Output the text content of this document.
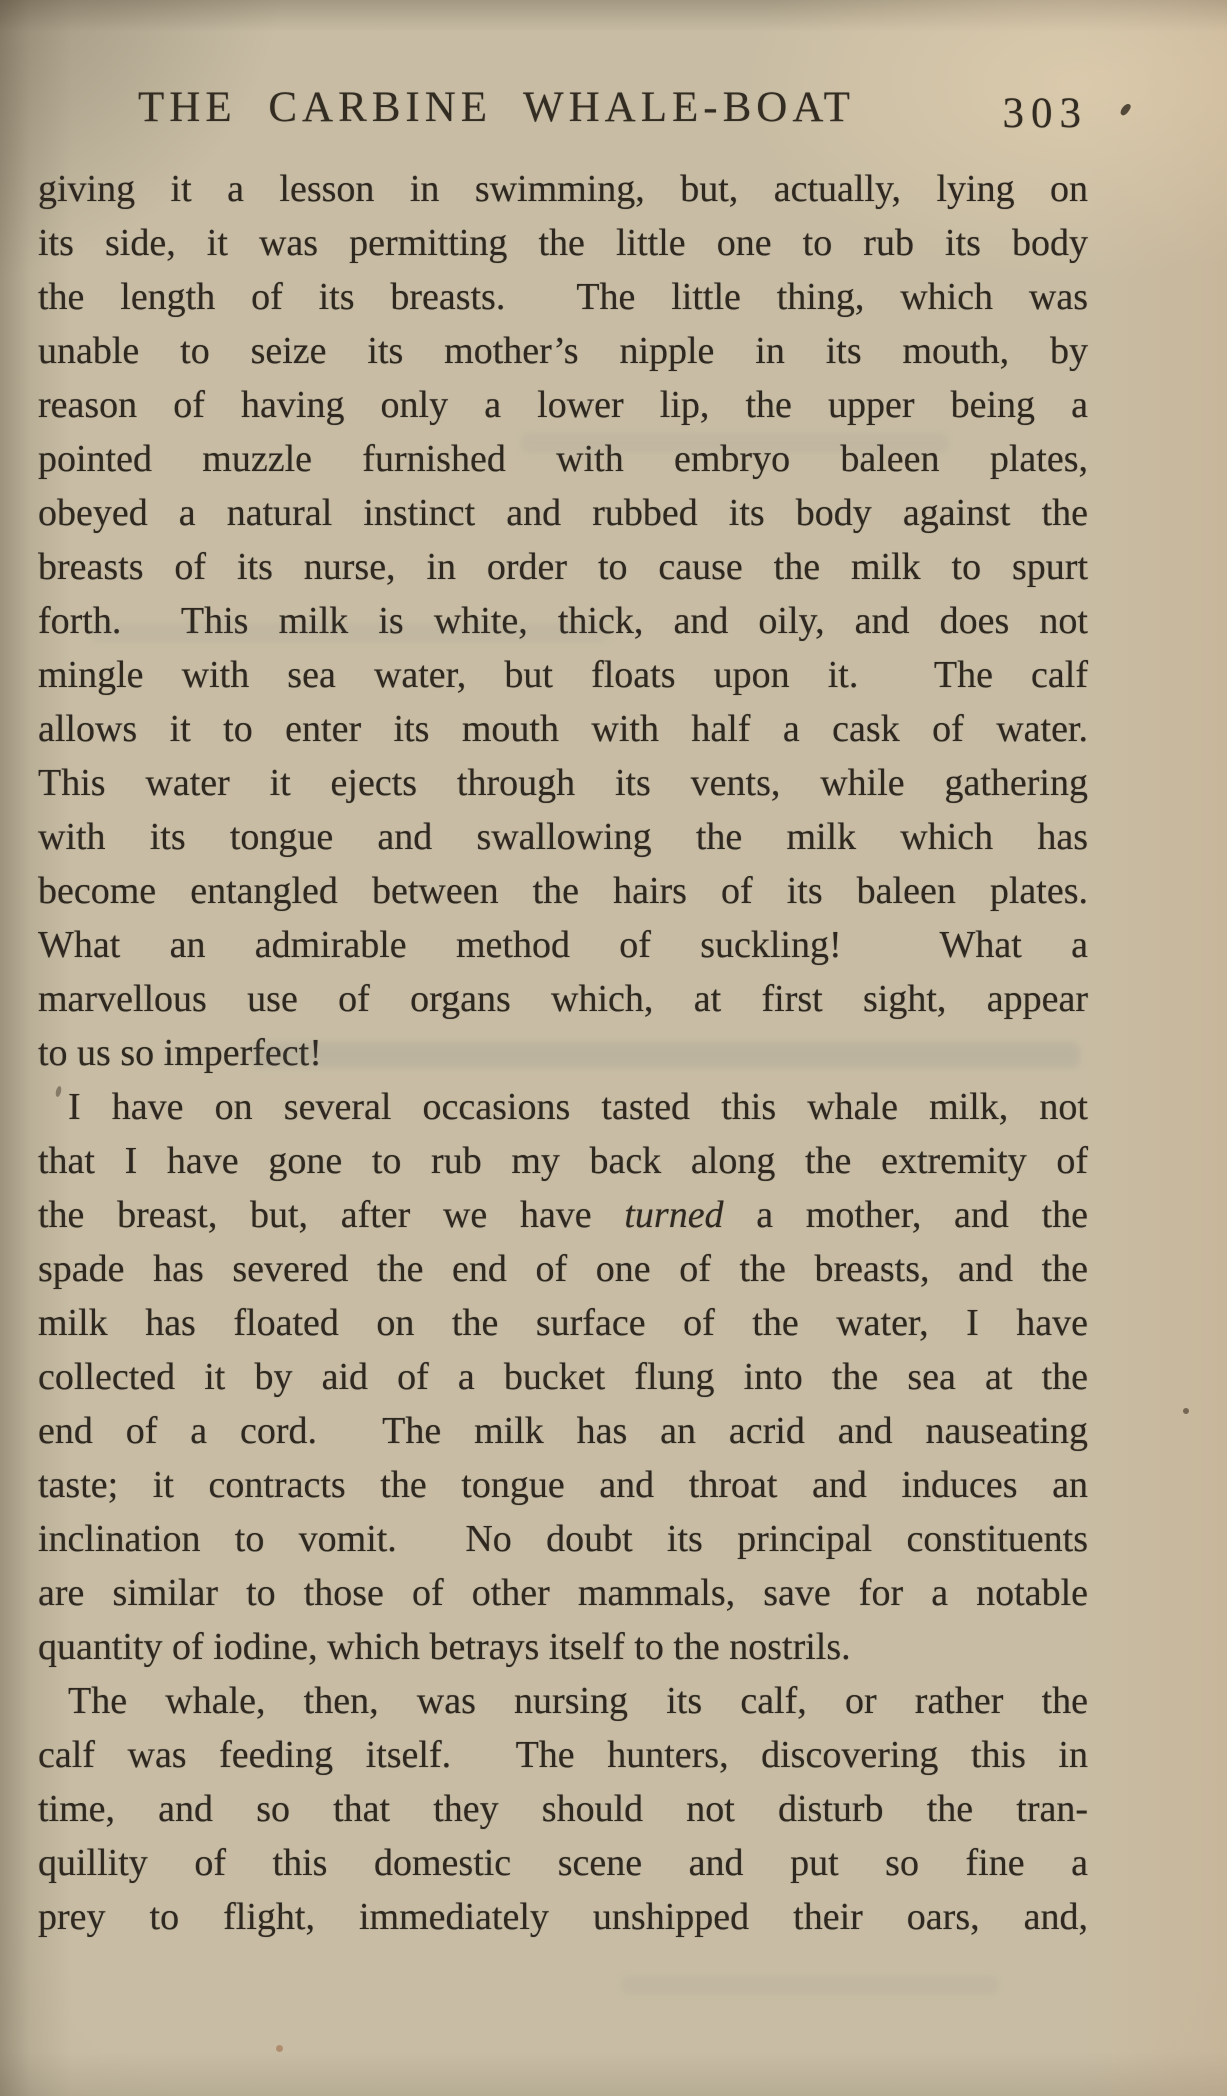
THE CARBINE WHALE-BOAT	303

giving it a lesson in swimming, but, actually, lying on

its side, it was permitting the little one to rub its body

the length of its breasts.  The little thing, which was

unable to seize its mother’s nipple in its mouth, by

reason of having only a lower lip, the upper being a

pointed muzzle furnished with embryo baleen plates,

obeyed a natural instinct and rubbed its body against the

breasts of its nurse, in order to cause the milk to spurt

forth.  This milk is white, thick, and oily, and does not

mingle with sea water, but floats upon it.  The calf

allows it to enter its mouth with half a cask of water.

This water it ejects through its vents, while gathering

with its tongue and swallowing the milk which has

become entangled between the hairs of its baleen plates.

What an admirable method of suckling!  What a

marvellous use of organs which, at first sight, appear

to us so imperfect!

I have on several occasions tasted this whale milk, not

that I have gone to rub my back along the extremity of

the breast, but, after we have turned a mother, and the

spade has severed the end of one of the breasts, and the

milk has floated on the surface of the water, I have

collected it by aid of a bucket flung into the sea at the

end of a cord.  The milk has an acrid and nauseating

taste; it contracts the tongue and throat and induces an

inclination to vomit.  No doubt its principal constituents

are similar to those of other mammals, save for a notable

quantity of iodine, which betrays itself to the nostrils.

The whale, then, was nursing its calf, or rather the

calf was feeding itself.  The hunters, discovering this in

time, and so that they should not disturb the tran-

quillity of this domestic scene and put so fine a

prey to flight, immediately unshipped their oars, and,
